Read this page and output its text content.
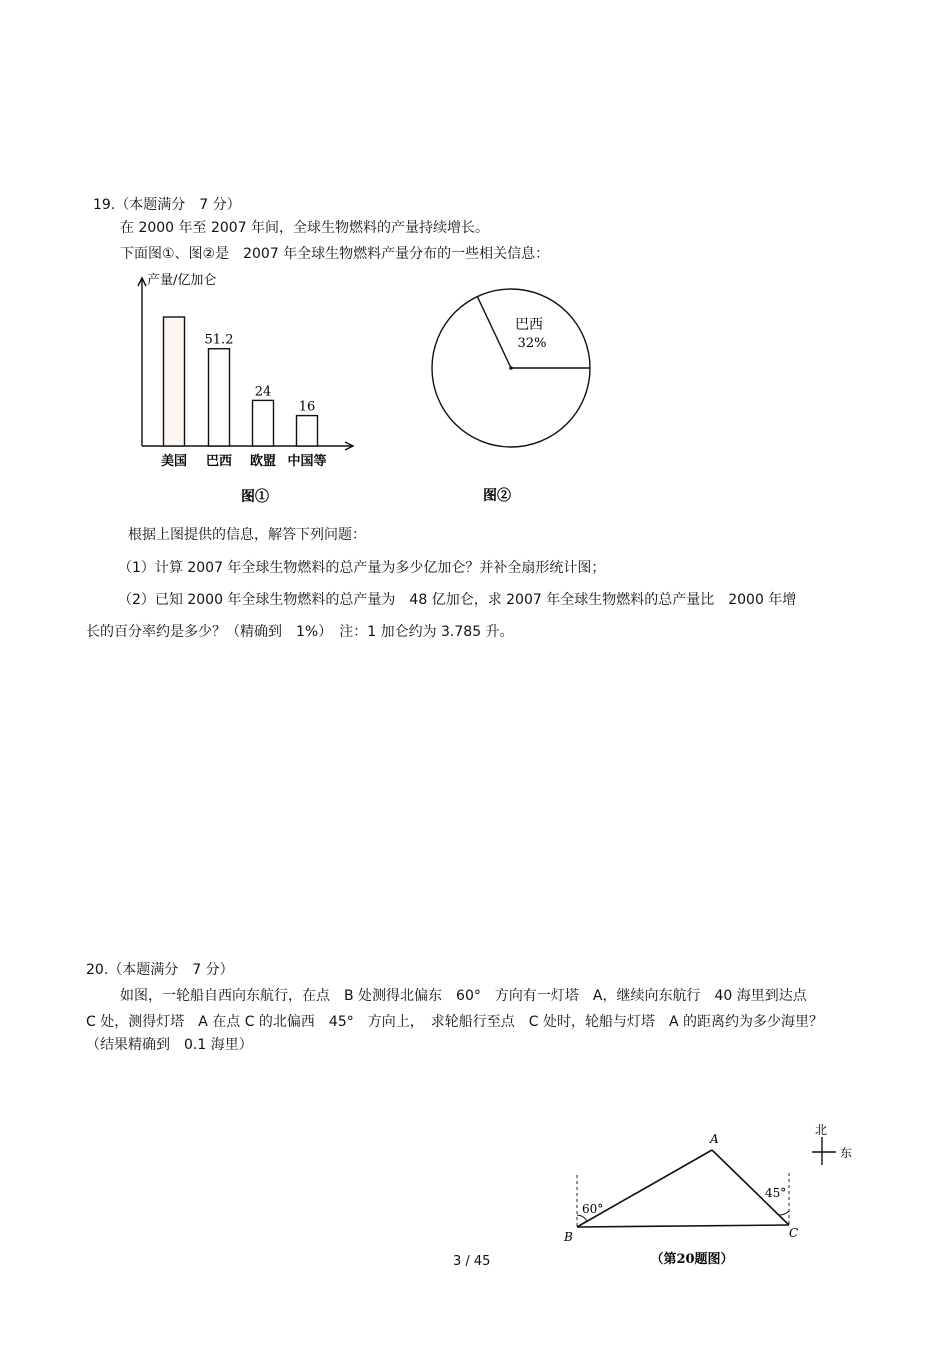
19.（本题满分　7 分）
在 2000 年至 2007 年间，全球生物燃料的产量持续增长。
下面图①、图②是　2007 年全球生物燃料产量分布的一些相关信息：
美国
51.2
巴西
24
欧盟
16
中国等
产量/亿加仑
图①
巴西
32%
图②
根据上图提供的信息，解答下列问题：
（1）计算 2007 年全球生物燃料的总产量为多少亿加仑？并补全扇形统计图；
（2）已知 2000 年全球生物燃料的总产量为　48 亿加仑，求 2007 年全球生物燃料的总产量比　2000 年增
长的百分率约是多少？（精确到　1%）　注：1 加仑约为 3.785 升。
20.（本题满分　7 分）
如图，一轮船自西向东航行，在点　B 处测得北偏东　60°　方向有一灯塔　A，继续向东航行　40 海里到达点
C 处，测得灯塔　A 在点 C 的北偏西　45°　方向上，　求轮船行至点　C 处时，轮船与灯塔　A 的距离约为多少海里？
（结果精确到　0.1 海里）
A
B	C
60°
45°
北
东
（第20题图）
3 / 45
